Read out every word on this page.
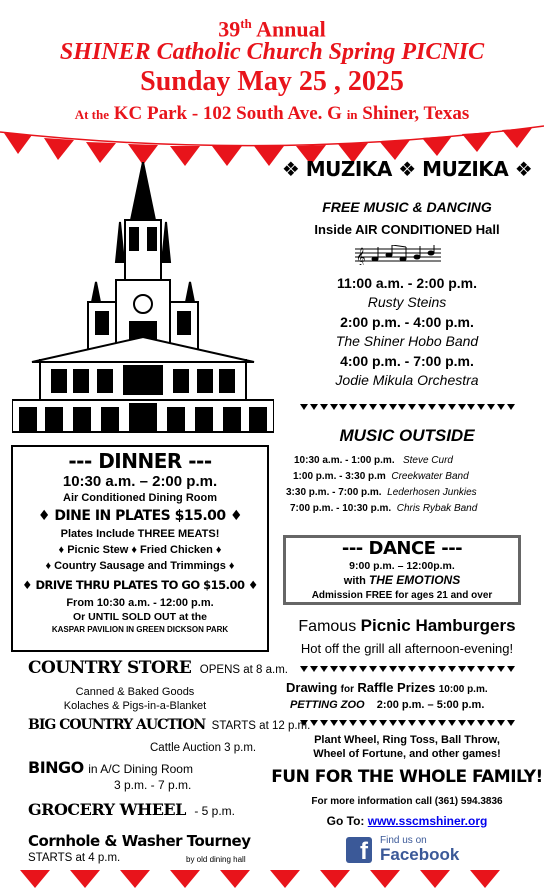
39th Annual
SHINER Catholic Church Spring PICNIC
Sunday May 25 , 2025
At the KC Park - 102 South Ave. G in Shiner, Texas
❖ MUZIKA ❖ MUZIKA ❖
FREE MUSIC & DANCING
Inside AIR CONDITIONED Hall
𝄞
11:00 a.m. - 2:00 p.m.
Rusty Steins
2:00 p.m. - 4:00 p.m.
The Shiner Hobo Band
4:00 p.m. - 7:00 p.m.
Jodie Mikula Orchestra
MUSIC OUTSIDE
10:30 a.m. - 1:00 p.m. Steve Curd
1:00 p.m. - 3:30 p.m Creekwater Band
3:30 p.m. - 7:00 p.m. Lederhosen Junkies
7:00 p.m. - 10:30 p.m. Chris Rybak Band
--- DINNER ---
10:30 a.m. – 2:00 p.m.
Air Conditioned Dining Room
♦ DINE IN PLATES $15.00 ♦
Plates Include THREE MEATS!
♦ Picnic Stew ♦ Fried Chicken ♦
♦ Country Sausage and Trimmings ♦
♦ DRIVE THRU PLATES TO GO $15.00 ♦
From 10:30 a.m. - 12:00 p.m.
Or UNTIL SOLD OUT at the
KASPAR PAVILION IN GREEN DICKSON PARK
--- DANCE ---
9:00 p.m. – 12:00p.m.
with THE EMOTIONS
Admission FREE for ages 21 and over
Famous Picnic Hamburgers
Hot off the grill all afternoon-evening!
Drawing for Raffle Prizes 10:00 p.m.
PETTING ZOO 2:00 p.m. – 5:00 p.m.
Plant Wheel, Ring Toss, Ball Throw,
Wheel of Fortune, and other games!
FUN FOR THE WHOLE FAMILY!
For more information call (361) 594.3836
Go To: www.sscmshiner.org
f	Find us on
Facebook
COUNTRY STORE OPENS at 8 a.m.
Canned & Baked Goods
Kolaches & Pigs-in-a-Blanket
BIG COUNTRY AUCTION STARTS at 12 p.m.
Cattle Auction 3 p.m.
BINGO in A/C Dining Room
3 p.m. - 7 p.m.
GROCERY WHEEL - 5 p.m.
Cornhole & Washer Tourney
STARTS at 4 p.m.	by old dining hall
